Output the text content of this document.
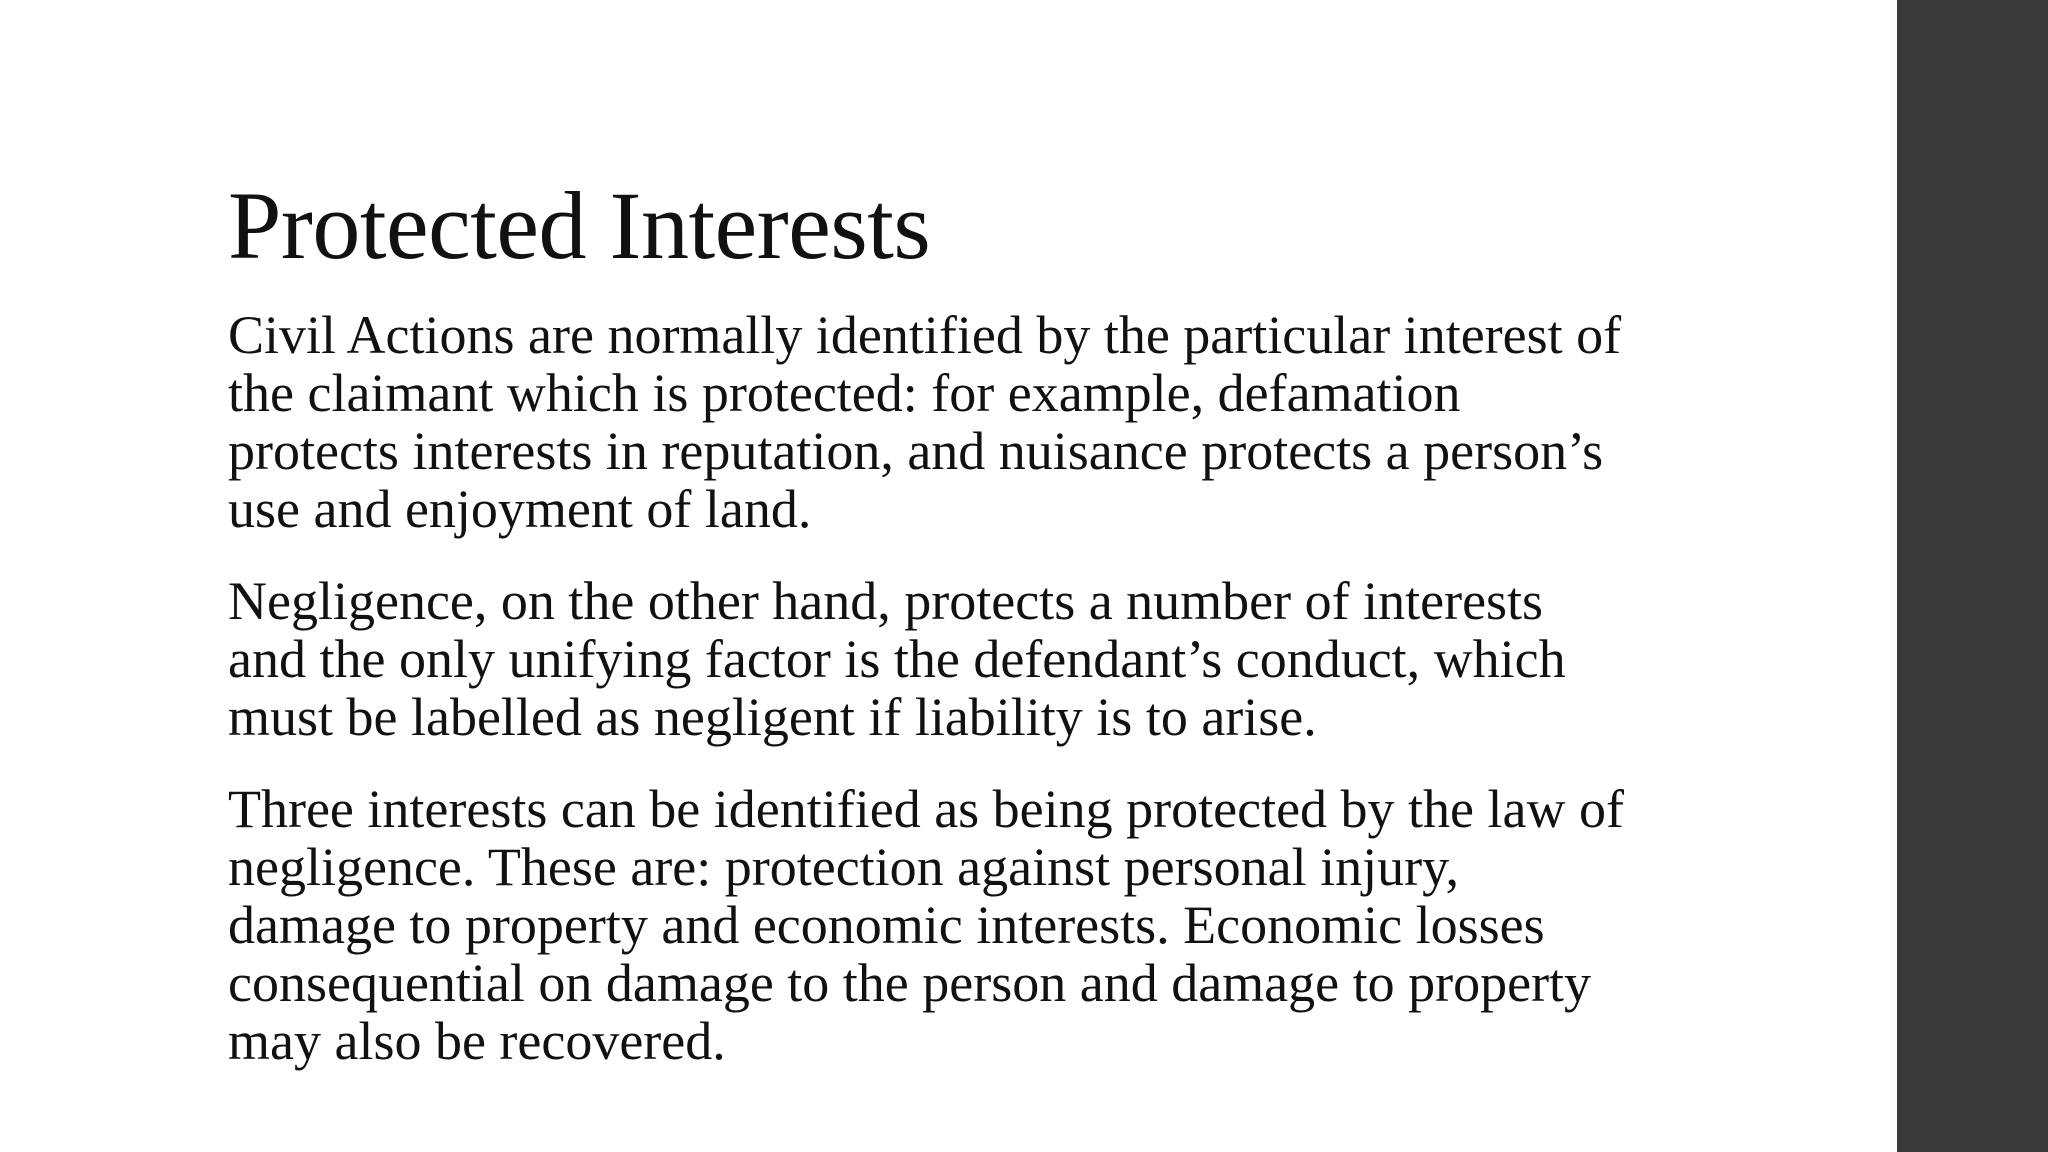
Protected Interests

Civil Actions are normally identified by the particular interest of
the claimant which is protected: for example, defamation
protects interests in reputation, and nuisance protects a person’s
use and enjoyment of land.

Negligence, on the other hand, protects a number of interests
and the only unifying factor is the defendant’s conduct, which
must be labelled as negligent if liability is to arise.

Three interests can be identified as being protected by the law of
negligence. These are: protection against personal injury,
damage to property and economic interests. Economic losses
consequential on damage to the person and damage to property
may also be recovered.
